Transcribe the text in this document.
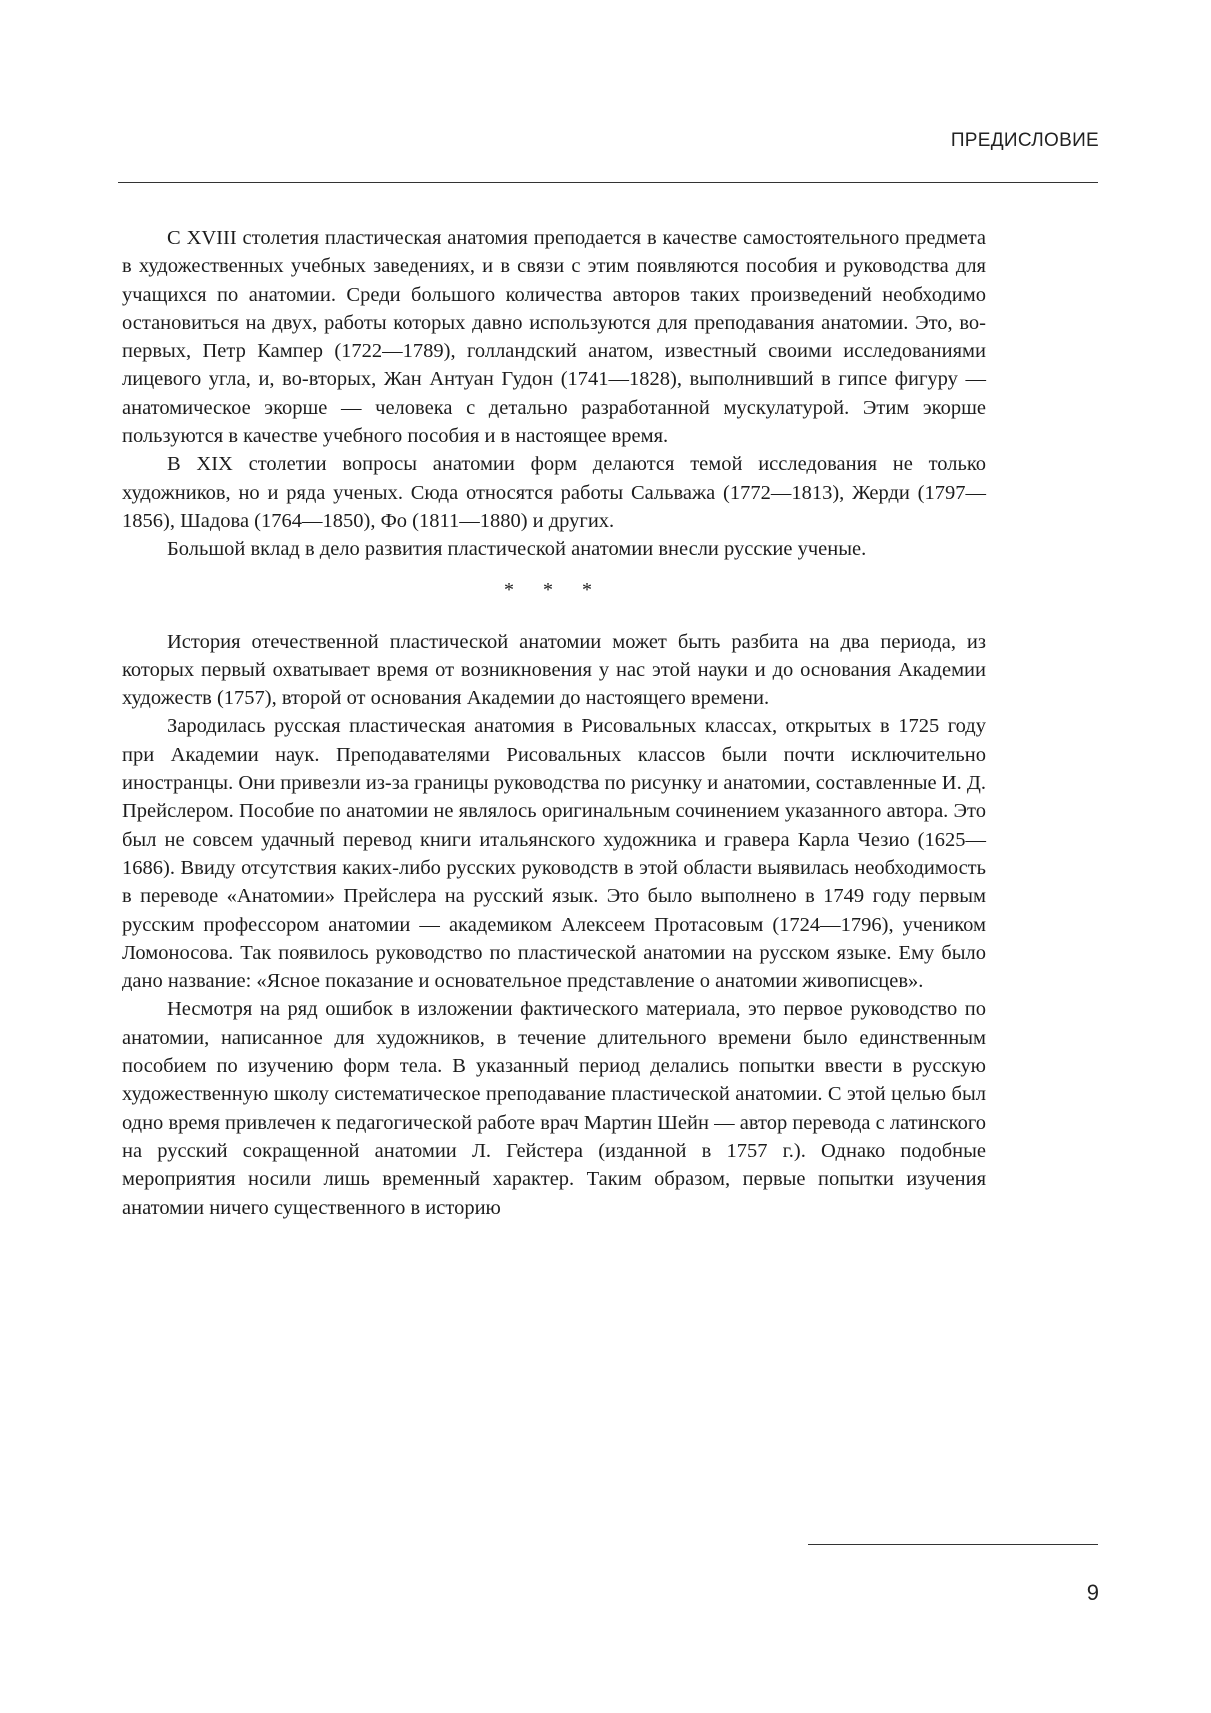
ПРЕДИСЛОВИЕ

С XVIII столетия пластическая анатомия преподается в качестве самостоятельного предмета в художественных учебных заведениях, и в связи с этим появляются пособия и руководства для учащихся по анатомии. Среди большого количества авторов таких произведений необходимо остановиться на двух, работы которых давно используются для преподавания анатомии. Это, во-первых, Петр Кампер (1722—1789), голландский анатом, известный своими исследованиями лицевого угла, и, во-вторых, Жан Антуан Гудон (1741—1828), выполнивший в гипсе фигуру — анатомическое экорше — человека с детально разработанной мускулатурой. Этим экорше пользуются в качестве учебного пособия и в настоящее время.

В XIX столетии вопросы анатомии форм делаются темой исследования не только художников, но и ряда ученых. Сюда относятся работы Сальважа (1772—1813), Жерди (1797—1856), Шадова (1764—1850), Фо (1811—1880) и других.

Большой вклад в дело развития пластической анатомии внесли русские ученые.

* * *

История отечественной пластической анатомии может быть разбита на два периода, из которых первый охватывает время от возникновения у нас этой науки и до основания Академии художеств (1757), второй от основания Академии до настоящего времени.

Зародилась русская пластическая анатомия в Рисовальных классах, открытых в 1725 году при Академии наук. Преподавателями Рисовальных классов были почти исключительно иностранцы. Они привезли из-за границы руководства по рисунку и анатомии, составленные И. Д. Прейслером. Пособие по анатомии не являлось оригинальным сочинением указанного автора. Это был не совсем удачный перевод книги итальянского художника и гравера Карла Чезио (1625—1686). Ввиду отсутствия каких-либо русских руководств в этой области выявилась необходимость в переводе «Анатомии» Прейслера на русский язык. Это было выполнено в 1749 году первым русским профессором анатомии — академиком Алексеем Протасовым (1724—1796), учеником Ломоносова. Так появилось руководство по пластической анатомии на русском языке. Ему было дано название: «Ясное показание и основательное представление о анатомии живописцев».

Несмотря на ряд ошибок в изложении фактического материала, это первое руководство по анатомии, написанное для художников, в течение длительного времени было единственным пособием по изучению форм тела. В указанный период делались попытки ввести в русскую художественную школу систематическое преподавание пластической анатомии. С этой целью был одно время привлечен к педагогической работе врач Мартин Шейн — автор перевода с латинского на русский сокращенной анатомии Л. Гейстера (изданной в 1757 г.). Однако подобные мероприятия носили лишь временный характер. Таким образом, первые попытки изучения анатомии ничего существенного в историю

9
